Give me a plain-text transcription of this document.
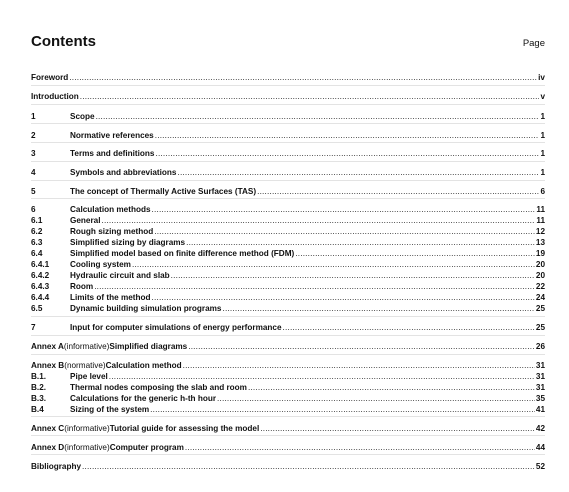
Contents	Page
Foreword .....	iv
Introduction .....	v
1	Scope .....	1
2	Normative references .....	1
3	Terms and definitions .....	1
4	Symbols and abbreviations .....	1
5	The concept of Thermally Active Surfaces (TAS) .....	6
6	Calculation methods .....	11
6.1	General .....	11
6.2	Rough sizing method .....	12
6.3	Simplified sizing by diagrams .....	13
6.4	Simplified model based on finite difference method (FDM) .....	19
6.4.1	Cooling system .....	20
6.4.2	Hydraulic circuit and slab .....	20
6.4.3	Room .....	22
6.4.4	Limits of the method .....	24
6.5	Dynamic building simulation programs .....	25
7	Input for computer simulations of energy performance .....	25
Annex A (informative) Simplified diagrams .....	26
Annex B (normative) Calculation method .....	31
B.1.	Pipe level .....	31
B.2.	Thermal nodes composing the slab and room .....	31
B.3.	Calculations for the generic h-th hour .....	35
B.4	Sizing of the system .....	41
Annex C (informative) Tutorial guide for assessing the model .....	42
Annex D (informative) Computer program .....	44
Bibliography .....	52
